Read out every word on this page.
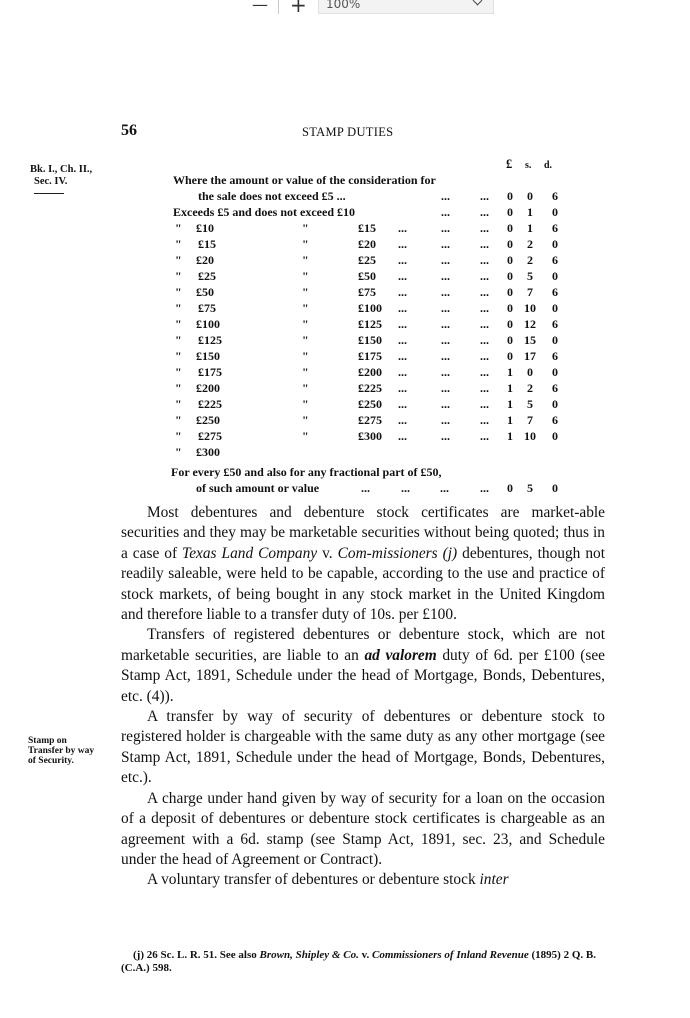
— + 100%
56	STAMP DUTIES
Bk. I., Ch. II.,
Sec. IV.
£ s. d.
Where the amount or value of the consideration for
the sale does not exceed £5 ...	...	... 0	0	6
Exceeds £5 and does not exceed £10	...	... 0	1	0
" £10	"	£15 ...	...	... 0	1	6
" £15	"	£20 ...	...	... 0	2	0
" £20	"	£25 ...	...	... 0	2	6
" £25	"	£50 ...	...	... 0	5	0
" £50	"	£75 ...	...	... 0	7	6
" £75	"	£100 ...	...	... 0 10	0
" £100	"	£125 ...	...	... 0 12	6
" £125	"	£150 ...	...	... 0 15	0
" £150	"	£175 ...	...	... 0 17	6
" £175	"	£200 ...	...	... 1	0	0
" £200	"	£225 ...	...	... 1	2	6
" £225	"	£250 ...	...	... 1	5	0
" £250	"	£275 ...	...	... 1	7	6
" £275	"	£300 ...	...	... 1 10	0
" £300
For every £50 and also for any fractional part of £50,
of such amount or value	...	...	...	... 0	5	0

Most debentures and debenture stock certificates are market-able securities and they may be marketable securities without being quoted; thus in a case of Texas Land Company v. Com-missioners (j) debentures, though not readily saleable, were held to be capable, according to the use and practice of stock markets, of being bought in any stock market in the United Kingdom and therefore liable to a transfer duty of 10s. per £100.

Transfers of registered debentures or debenture stock, which are not marketable securities, are liable to an ad valorem duty of 6d. per £100 (see Stamp Act, 1891, Schedule under the head of Mortgage, Bonds, Debentures, etc. (4)).

A transfer by way of security of debentures or debenture stock to registered holder is chargeable with the same duty as any other mortgage (see Stamp Act, 1891, Schedule under the head of Mortgage, Bonds, Debentures, etc.).

A charge under hand given by way of security for a loan on the occasion of a deposit of debentures or debenture stock certificates is chargeable as an agreement with a 6d. stamp (see Stamp Act, 1891, sec. 23, and Schedule under the head of Agreement or Contract).

A voluntary transfer of debentures or debenture stock inter

Stamp on
Transfer by way
of Security.
(j) 26 Sc. L. R. 51. See also Brown, Shipley & Co. v. Commissioners of Inland Revenue (1895) 2 Q. B. (C.A.) 598.
